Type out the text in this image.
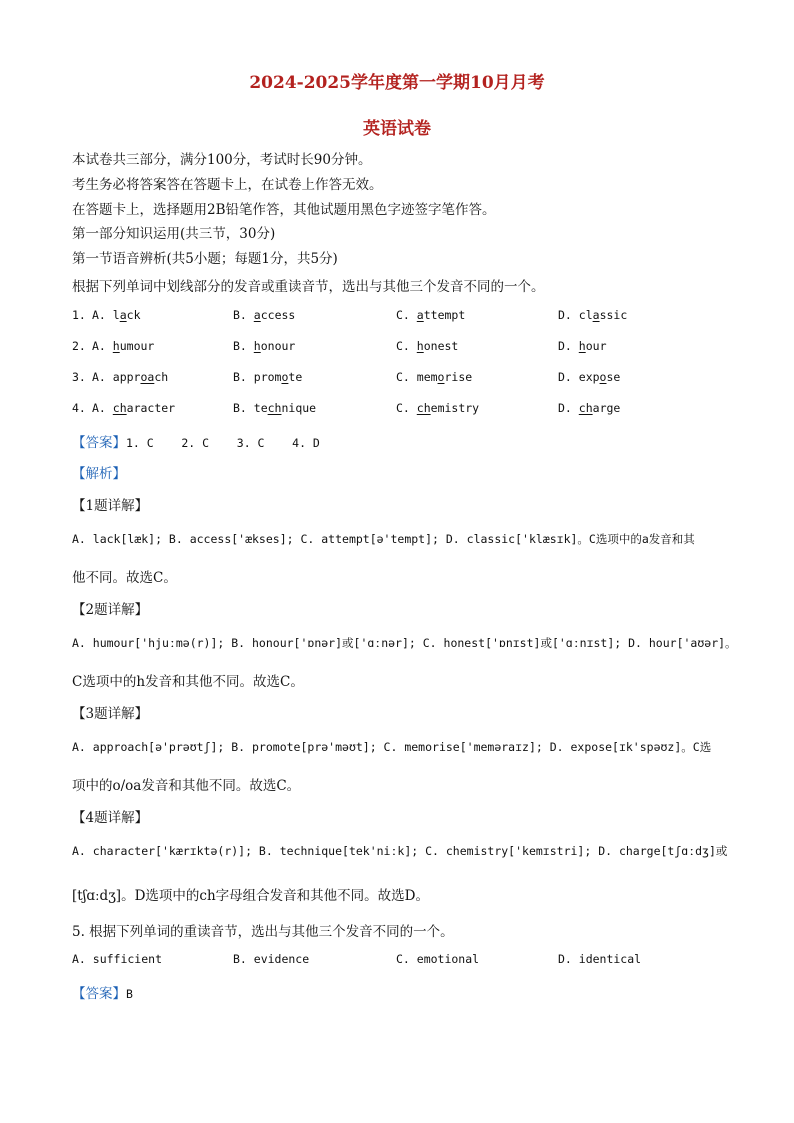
2024-2025学年度第一学期10月月考
英语试卷
本试卷共三部分，满分100分，考试时长90分钟。
考生务必将答案答在答题卡上，在试卷上作答无效。
在答题卡上，选择题用2B铅笔作答，其他试题用黑色字迹签字笔作答。
第一部分知识运用(共三节，30分)
第一节语音辨析(共5小题；每题1分，共5分)
根据下列单词中划线部分的发音或重读音节，选出与其他三个发音不同的一个。
1. A. lack	B. access	C. attempt	D. classic
2. A. humour	B. honour	C. honest	D. hour
3. A. approach	B. promote	C. memorise	D. expose
4. A. character	B. technique	C. chemistry	D. charge
【答案】1. C    2. C    3. C    4. D
【解析】
【1题详解】
A. lack[læk]; B. access['ækses]; C. attempt[ə'tempt]; D. classic['klæsɪk]。C选项中的a发音和其
他不同。故选C。
【2题详解】
A. humour['hjuːmə(r)]; B. honour['ɒnər]或['ɑːnər]; C. honest['ɒnɪst]或['ɑːnɪst]; D. hour['aʊər]。
C选项中的h发音和其他不同。故选C。
【3题详解】
A. approach[ə'prəʊtʃ]; B. promote[prə'məʊt]; C. memorise['meməraɪz]; D. expose[ɪk'spəʊz]。C选
项中的o/oa发音和其他不同。故选C。
【4题详解】
A. character['kærɪktə(r)]; B. technique[tek'niːk]; C. chemistry['kemɪstri]; D. charge[tʃɑːdʒ]或
[tʃɑːdʒ]。D选项中的ch字母组合发音和其他不同。故选D。
5. 根据下列单词的重读音节，选出与其他三个发音不同的一个。
A. sufficient	B. evidence	C. emotional	D. identical
【答案】B
